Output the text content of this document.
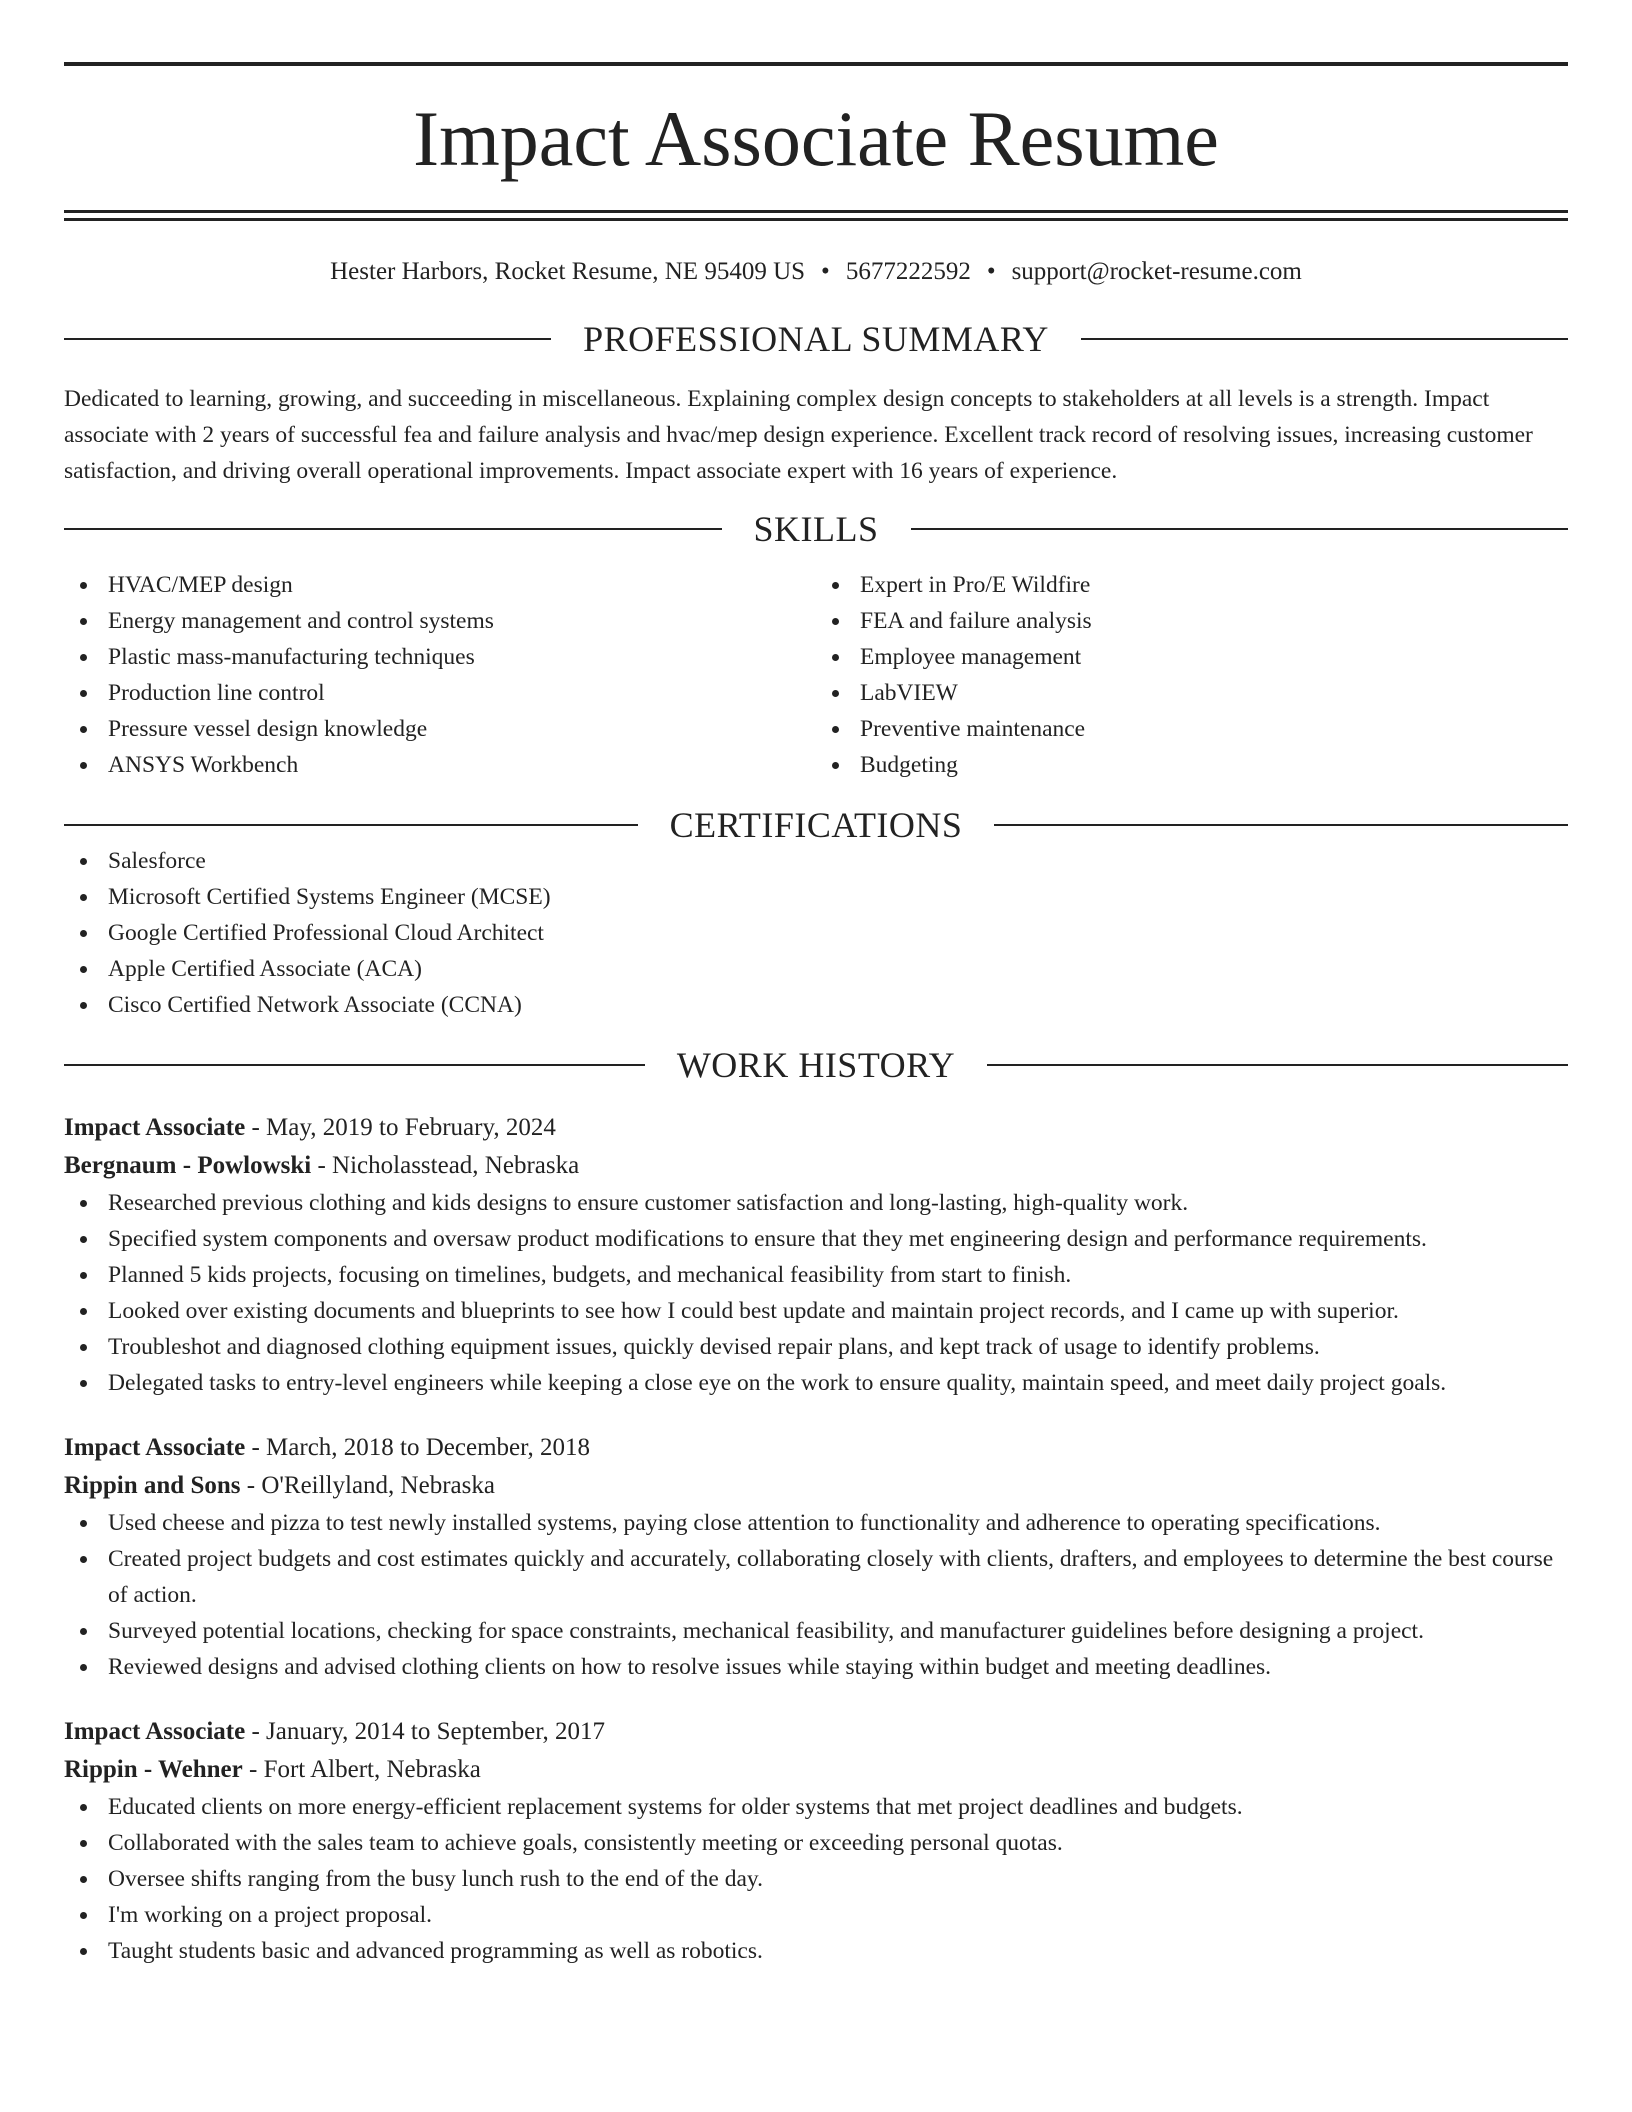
Impact Associate Resume
Hester Harbors, Rocket Resume, NE 95409 US • 5677222592 • support@rocket-resume.com
PROFESSIONAL SUMMARY
Dedicated to learning, growing, and succeeding in miscellaneous. Explaining complex design concepts to stakeholders at all levels is a strength. Impact associate with 2 years of successful fea and failure analysis and hvac/mep design experience. Excellent track record of resolving issues, increasing customer satisfaction, and driving overall operational improvements. Impact associate expert with 16 years of experience.
SKILLS
HVAC/MEP design
Energy management and control systems
Plastic mass-manufacturing techniques
Production line control
Pressure vessel design knowledge
ANSYS Workbench
Expert in Pro/E Wildfire
FEA and failure analysis
Employee management
LabVIEW
Preventive maintenance
Budgeting
CERTIFICATIONS
Salesforce
Microsoft Certified Systems Engineer (MCSE)
Google Certified Professional Cloud Architect
Apple Certified Associate (ACA)
Cisco Certified Network Associate (CCNA)
WORK HISTORY
Impact Associate - May, 2019 to February, 2024
Bergnaum - Powlowski - Nicholasstead, Nebraska
Researched previous clothing and kids designs to ensure customer satisfaction and long-lasting, high-quality work.
Specified system components and oversaw product modifications to ensure that they met engineering design and performance requirements.
Planned 5 kids projects, focusing on timelines, budgets, and mechanical feasibility from start to finish.
Looked over existing documents and blueprints to see how I could best update and maintain project records, and I came up with superior.
Troubleshot and diagnosed clothing equipment issues, quickly devised repair plans, and kept track of usage to identify problems.
Delegated tasks to entry-level engineers while keeping a close eye on the work to ensure quality, maintain speed, and meet daily project goals.
Impact Associate - March, 2018 to December, 2018
Rippin and Sons - O'Reillyland, Nebraska
Used cheese and pizza to test newly installed systems, paying close attention to functionality and adherence to operating specifications.
Created project budgets and cost estimates quickly and accurately, collaborating closely with clients, drafters, and employees to determine the best course of action.
Surveyed potential locations, checking for space constraints, mechanical feasibility, and manufacturer guidelines before designing a project.
Reviewed designs and advised clothing clients on how to resolve issues while staying within budget and meeting deadlines.
Impact Associate - January, 2014 to September, 2017
Rippin - Wehner - Fort Albert, Nebraska
Educated clients on more energy-efficient replacement systems for older systems that met project deadlines and budgets.
Collaborated with the sales team to achieve goals, consistently meeting or exceeding personal quotas.
Oversee shifts ranging from the busy lunch rush to the end of the day.
I'm working on a project proposal.
Taught students basic and advanced programming as well as robotics.
